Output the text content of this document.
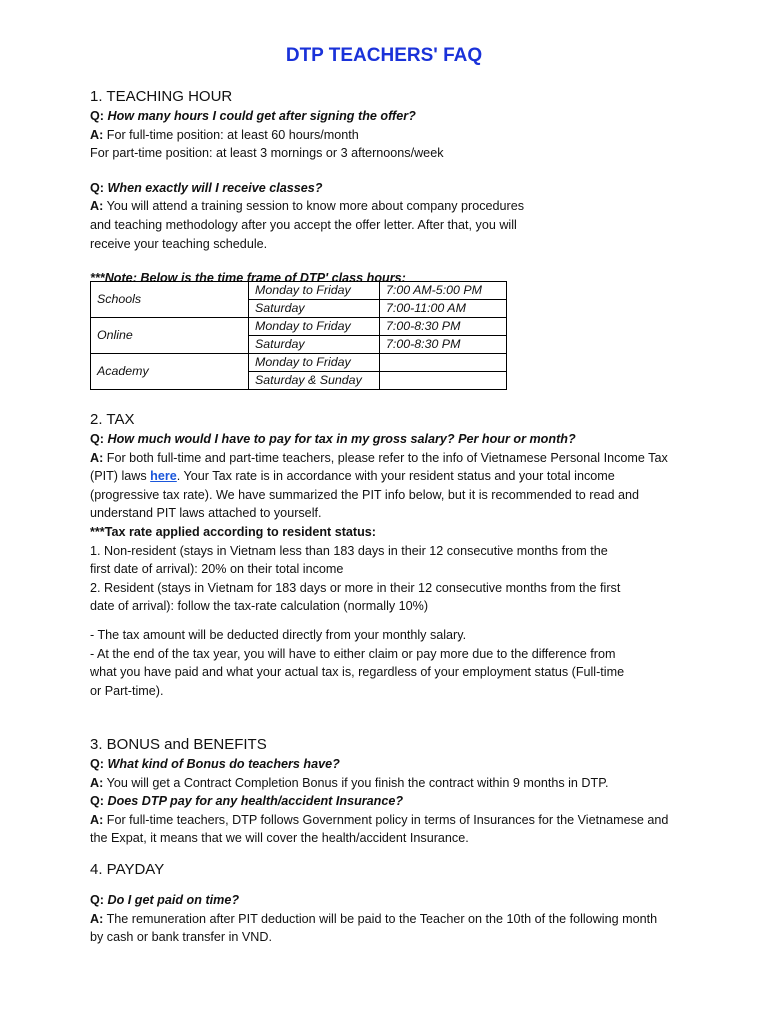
DTP TEACHERS' FAQ
1. TEACHING HOUR

Q: How many hours I could get after signing the offer?

A: For full-time position: at least 60 hours/month

For part-time position: at least 3 mornings or 3 afternoons/week

Q: When exactly will I receive classes?

A: You will attend a training session to know more about company procedures

and teaching methodology after you accept the offer letter. After that, you will

receive your teaching schedule.

***Note: Below is the time frame of DTP' class hours:

Schools	Monday to Friday	7:00 AM-5:00 PM
	Saturday	7:00-11:00 AM
Online	Monday to Friday	7:00-8:30 PM
	Saturday	7:00-8:30 PM
Academy	Monday to Friday	
	Saturday & Sunday	
2. TAX

Q: How much would I have to pay for tax in my gross salary? Per hour or month?

A: For both full-time and part-time teachers, please refer to the info of Vietnamese Personal Income Tax

(PIT) laws here. Your Tax rate is in accordance with your resident status and your total income

(progressive tax rate). We have summarized the PIT info below, but it is recommended to read and

understand PIT laws attached to yourself.

***Tax rate applied according to resident status:

1. Non-resident (stays in Vietnam less than 183 days in their 12 consecutive months from the

first date of arrival): 20% on their total income

2. Resident (stays in Vietnam for 183 days or more in their 12 consecutive months from the first

date of arrival): follow the tax-rate calculation (normally 10%)

- The tax amount will be deducted directly from your monthly salary.

- At the end of the tax year, you will have to either claim or pay more due to the difference from

what you have paid and what your actual tax is, regardless of your employment status (Full-time

or Part-time).

3. BONUS and BENEFITS

Q: What kind of Bonus do teachers have?

A: You will get a Contract Completion Bonus if you finish the contract within 9 months in DTP.

Q: Does DTP pay for any health/accident Insurance?

A: For full-time teachers, DTP follows Government policy in terms of Insurances for the Vietnamese and

the Expat, it means that we will cover the health/accident Insurance.

4. PAYDAY

Q: Do I get paid on time?

A: The remuneration after PIT deduction will be paid to the Teacher on the 10th of the following month

by cash or bank transfer in VND.
